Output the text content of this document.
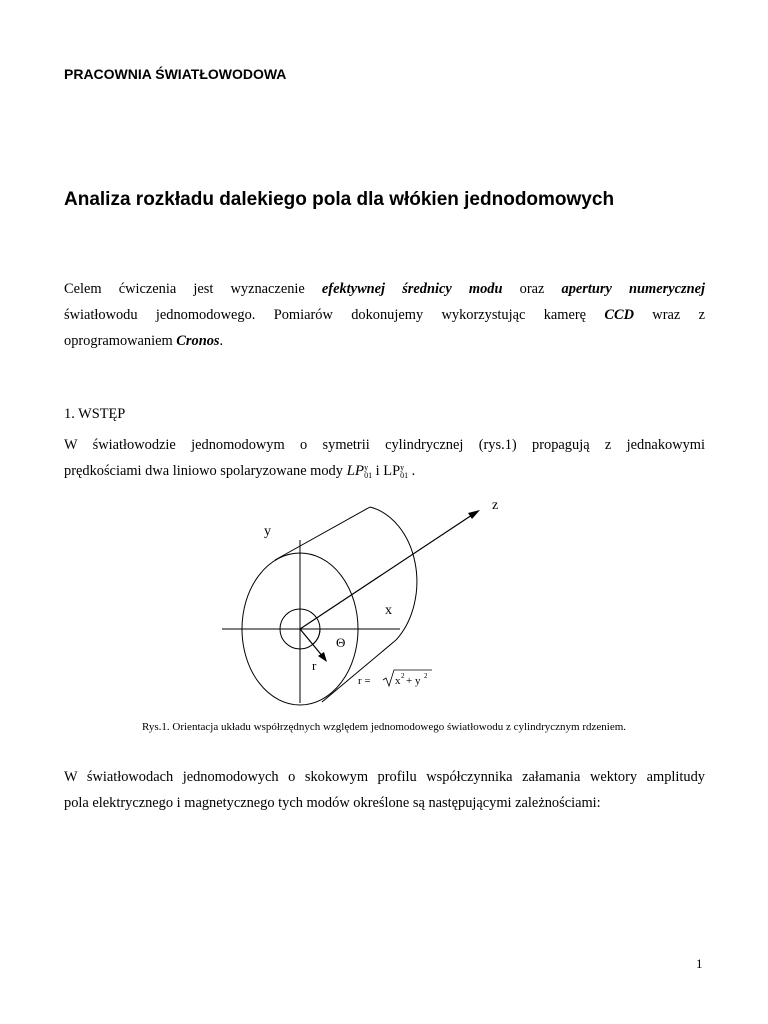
PRACOWNIA ŚWIATŁOWODOWA
Analiza rozkładu dalekiego pola dla włókien jednodomowych
Celem ćwiczenia jest wyznaczenie efektywnej średnicy modu oraz apertury numerycznej
światłowodu jednomodowego. Pomiarów dokonujemy wykorzystując kamerę CCD wraz z
oprogramowaniem Cronos.
1. WSTĘP
W światłowodzie jednomodowym o symetrii cylindrycznej (rys.1) propagują z jednakowymi
prędkościami dwa liniowo spolaryzowane mody LP y
01 i LP y
01 .
z
y
x
Θ
r
r = x 2 + y 2
Rys.1. Orientacja układu współrzędnych względem jednomodowego światłowodu z cylindrycznym rdzeniem.
W światłowodach jednomodowych o skokowym profilu współczynnika załamania wektory amplitudy
pola elektrycznego i magnetycznego tych modów określone są następującymi zależnościami:
1
